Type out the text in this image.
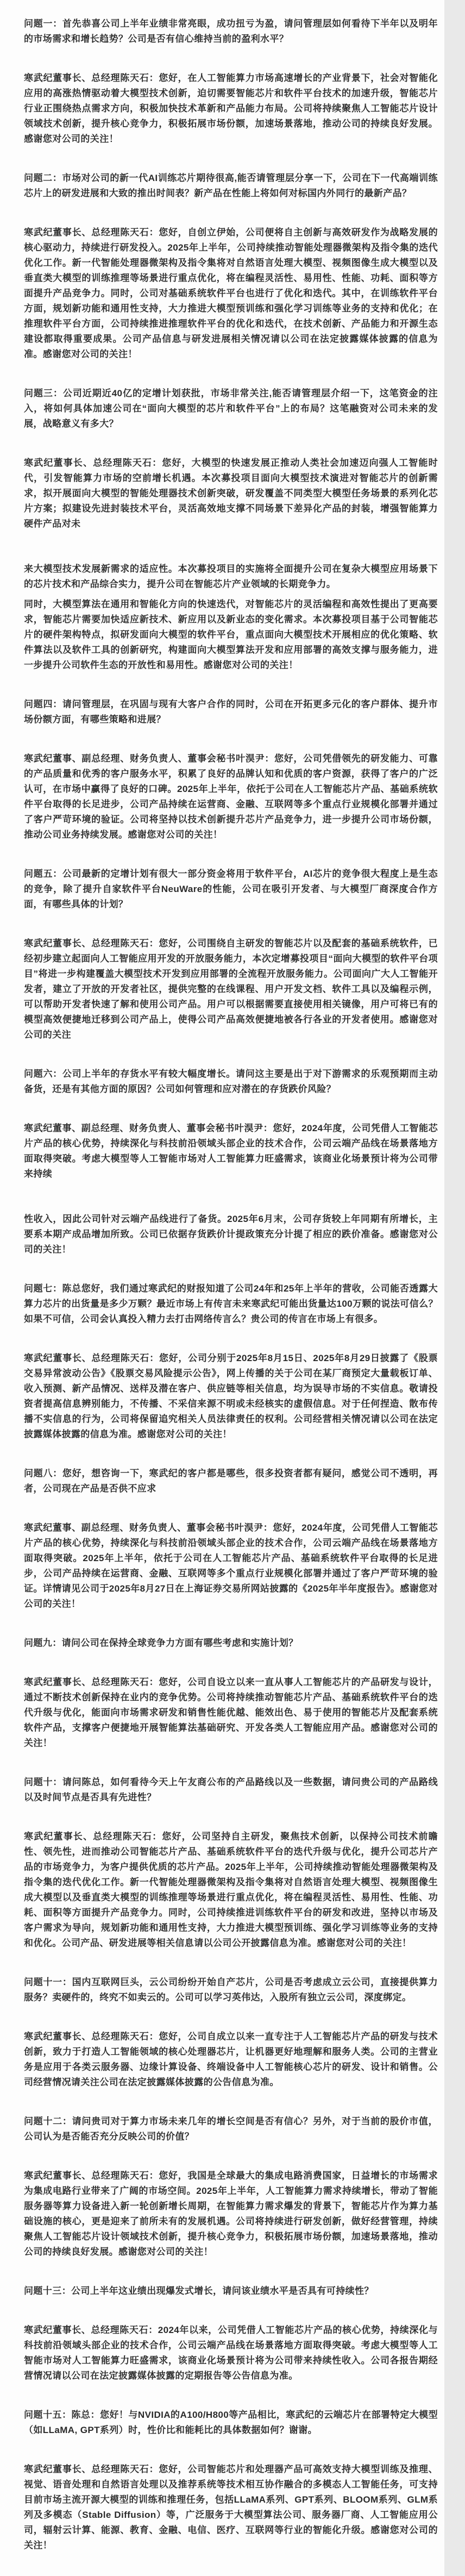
问题一：首先恭喜公司上半年业绩非常亮眼，成功扭亏为盈，请问管理层如何看待下半年以及明年的市场需求和增长趋势？公司是否有信心维持当前的盈利水平？

寒武纪董事长、总经理陈天石：您好，在人工智能算力市场高速增长的产业背景下，社会对智能化应用的高涨热情驱动着大模型技术创新，迫切需要智能芯片和软件平台技术的加速升级，智能芯片行业正围绕热点需求方向，积极加快技术革新和产品能力布局。公司将持续聚焦人工智能芯片设计领域技术创新，提升核心竞争力，积极拓展市场份额，加速场景落地，推动公司的持续良好发展。感谢您对公司的关注！

问题二：市场对公司的新一代AI训练芯片期待很高,能否请管理层分享一下，公司在下一代高端训练芯片上的研发进展和大致的推出时间表？新产品在性能上将如何对标国内外同行的最新产品？

寒武纪董事长、总经理陈天石：您好，自创立伊始，公司便将自主创新与高效研发作为战略发展的核心驱动力，持续进行研发投入。2025年上半年，公司持续推动智能处理器微架构及指令集的迭代优化工作。新一代智能处理器微架构及指令集将对自然语言处理大模型、视频图像生成大模型以及垂直类大模型的训练推理等场景进行重点优化，将在编程灵活性、易用性、性能、功耗、面积等方面提升产品竞争力。同时，公司对基础系统软件平台也进行了优化和迭代。其中，在训练软件平台方面，规划新功能和通用性支持，大力推进大模型预训练和强化学习训练等业务的支持和优化；在推理软件平台方面，公司持续推进推理软件平台的优化和迭代，在技术创新、产品能力和开源生态建设都取得重要成果。公司产品信息与研发进展相关情况请以公司在法定披露媒体披露的信息为准。感谢您对公司的关注！

问题三：公司近期近40亿的定增计划获批，市场非常关注,能否请管理层介绍一下，这笔资金的注入，将如何具体加速公司在“面向大模型的芯片和软件平台”上的布局？这笔融资对公司未来的发展，战略意义有多大？

寒武纪董事长、总经理陈天石：您好，大模型的快速发展正推动人类社会加速迈向强人工智能时代，引发智能算力市场的空前增长机遇。本次募投项目面向大模型技术演进对智能芯片的创新需求，拟开展面向大模型的智能处理器技术创新突破，研发覆盖不同类型大模型任务场景的系列化芯片方案；拟建设先进封装技术平台，灵活高效地支撑不同场景下差异化产品的封装，增强智能算力硬件产品对未

来大模型技术发展新需求的适应性。本次募投项目的实施将全面提升公司在复杂大模型应用场景下的芯片技术和产品综合实力，提升公司在智能芯片产业领域的长期竞争力。

同时，大模型算法在通用和智能化方向的快速迭代，对智能芯片的灵活编程和高效性提出了更高要求，智能芯片需要加快适应新技术、新应用以及新业态的变化需求。本次募投项目基于公司智能芯片的硬件架构特点，拟研发面向大模型的软件平台，重点面向大模型技术开展相应的优化策略、软件算法以及软件工具的创新研究，构建面向大模型算法开发和应用部署的高效支撑与服务能力，进一步提升公司软件生态的开放性和易用性。感谢您对公司的关注！

问题四：请问管理层，在巩固与现有大客户合作的同时，公司在开拓更多元化的客户群体、提升市场份额方面，有哪些策略和进展？

寒武纪董事、副总经理、财务负责人、董事会秘书叶淏尹：您好，公司凭借领先的研发能力、可靠的产品质量和优秀的客户服务水平，积累了良好的品牌认知和优质的客户资源，获得了客户的广泛认可，在市场中赢得了良好的口碑。2025年上半年，依托于公司在人工智能芯片产品、基础系统软件平台取得的长足进步，公司产品持续在运营商、金融、互联网等多个重点行业规模化部署并通过了客户严苛环境的验证。公司将坚持以技术创新提升芯片产品竞争力，进一步提升公司市场份额，推动公司业务持续发展。感谢您对公司的关注！

问题五：公司最新的定增计划有很大一部分资金将用于软件平台，AI芯片的竞争很大程度上是生态的竞争，除了提升自家软件平台NeuWare的性能，公司在吸引开发者、与大模型厂商深度合作方面，有哪些具体的计划？

寒武纪董事长、总经理陈天石：您好，公司围绕自主研发的智能芯片以及配套的基础系统软件，已经初步建立起面向人工智能应用开发的开放服务能力，本次定增募投项目“面向大模型的软件平台项目”将进一步构建覆盖大模型技术开发到应用部署的全流程开放服务能力。公司面向广大人工智能开发者，建立了开放的开发者社区，提供完整的在线课程、用户开发文档、软件工具以及编程示例，可以帮助开发者快速了解和使用公司产品。用户可以根据需要直接使用相关镜像，用户可将已有的模型高效便捷地迁移到公司产品上，使得公司产品高效便捷地被各行各业的开发者使用。感谢您对公司的关注

问题六：公司上半年的存货水平有较大幅度增长。请问这主要是出于对下游需求的乐观预期而主动备货，还是有其他方面的原因？公司如何管理和应对潜在的存货跌价风险？

寒武纪董事、副总经理、财务负责人、董事会秘书叶淏尹：您好，2024年度，公司凭借人工智能芯片产品的核心优势，持续深化与科技前沿领域头部企业的技术合作，公司云端产品线在场景落地方面取得突破。考虑大模型等人工智能市场对人工智能算力旺盛需求，该商业化场景预计将为公司带来持续

性收入，因此公司针对云端产品线进行了备货。2025年6月末，公司存货较上年同期有所增长，主要系本期产成品增加所致。公司已依据存货跌价计提政策充分计提了相应的跌价准备。感谢您对公司的关注！

问题七：陈总您好，我们通过寒武纪的财报知道了公司24年和25年上半年的营收，公司能否透露大算力芯片的出货量是多少万颗？最近市场上有传言未来寒武纪可能出货量达100万颗的说法可信么？如果不可信，公司会认真投入精力去打击网络传言么？贵公司的传言在市场上有很多。

寒武纪董事长、总经理陈天石：您好，公司分别于2025年8月15日、2025年8月29日披露了《股票交易异常波动公告》《股票交易风险提示公告》，网上传播的关于公司在某厂商预定大量载板订单、收入预测、新产品情况、送样及潜在客户、供应链等相关信息，均为误导市场的不实信息。敬请投资者提高信息辨别能力，不传播、不采信来源不明或未经核实的虚假信息。对于任何捏造、散布传播不实信息的行为，公司将保留追究相关人员法律责任的权利。公司经营相关情况请以公司在法定披露媒体披露的信息为准。感谢您对公司的关注！

问题八：您好，想咨询一下，寒武纪的客户都是哪些，很多投资者都有疑问，感觉公司不透明，再者，公司现在产品是否供不应求

寒武纪董事、副总经理、财务负责人、董事会秘书叶淏尹：您好，2024年度，公司凭借人工智能芯片产品的核心优势，持续深化与科技前沿领域头部企业的技术合作，公司云端产品线在场景落地方面取得突破。2025年上半年，依托于公司在人工智能芯片产品、基础系统软件平台取得的长足进步，公司产品持续在运营商、金融、互联网等多个重点行业规模化部署并通过了客户严苛环境的验证。详情请见公司于2025年8月27日在上海证券交易所网站披露的《2025年半年度报告》。感谢您对公司的关注！

问题九：请问公司在保持全球竞争力方面有哪些考虑和实施计划？

寒武纪董事长、总经理陈天石：您好，公司自设立以来一直从事人工智能芯片的产品研发与设计，通过不断技术创新保持在业内的竞争优势。公司将持续推动智能芯片产品、基础系统软件平台的迭代升级与优化，能面向市场需求研发和销售性能优越、能效出色、易于使用的智能芯片及配套系统软件产品，支撑客户便捷地开展智能算法基础研究、开发各类人工智能应用产品。感谢您对公司的关注！

问题十：请问陈总，如何看待今天上午友商公布的产品路线以及一些数据，请问贵公司的产品路线以及时间节点是否具有先进性？

寒武纪董事长、总经理陈天石：您好，公司坚持自主研发，聚焦技术创新，以保持公司技术前瞻性、领先性，进而推动公司智能芯片产品、基础系统软件平台的迭代升级与优化，提升公司芯片产品的市场竞争力，为客户提供优质的芯片产品。2025年上半年，公司持续推动智能处理器微架构及指令集的迭代优化工作。新一代智能处理器微架构及指令集将对自然语言处理大模型、视频图像生成大模型以及垂直类大模型的训练推理等场景进行重点优化，将在编程灵活性、易用性、性能、功耗、面积等方面提升产品竞争力。同时，公司持续推进训练软件平台的研发和改进，坚持以市场及客户需求为导向，规划新功能和通用性支持，大力推进大模型预训练、强化学习训练等业务的支持和优化。公司产品、研发进展等相关信息请以公司公开披露信息为准。感谢您对公司的关注！

问题十一：国内互联网巨头，云公司纷纷开始自产芯片，公司是否考虑成立云公司，直接提供算力服务？卖硬件的，终究不如卖云的。公司可以学习英伟达，入股所有独立云公司，深度绑定。

寒武纪董事长、总经理陈天石：您好，公司自成立以来一直专注于人工智能芯片产品的研发与技术创新，致力于打造人工智能领域的核心处理器芯片，让机器更好地理解和服务人类。公司的主营业务是应用于各类云服务器、边缘计算设备、终端设备中人工智能核心芯片的研发、设计和销售。公司经营情况请关注公司在法定披露媒体披露的公告信息为准。

问题十二：请问贵司对于算力市场未来几年的增长空间是否有信心？另外，对于当前的股价市值，公司认为是否能否充分反映公司的价值？

寒武纪董事长、总经理陈天石：您好，我国是全球最大的集成电路消费国家，日益增长的市场需求为集成电路行业带来了广阔的市场空间。2025年上半年，人工智能算力需求持续增长，带动了智能服务器等算力设备进入新一轮创新增长周期，在智能算力需求爆发的背景下，智能芯片作为算力基础设施的核心，更是迎来了前所未有的发展机遇。公司将持续进行研发创新，做好经营管理，持续聚焦人工智能芯片设计领域技术创新，提升核心竞争力，积极拓展市场份额，加速场景落地，推动公司的持续良好发展。感谢您对公司的关注！

问题十三：公司上半年这业绩出现爆发式增长，请问该业绩水平是否具有可持续性？

寒武纪董事长、总经理陈天石：2024年以来，公司凭借人工智能芯片产品的核心优势，持续深化与科技前沿领域头部企业的技术合作，公司云端产品线在场景落地方面取得突破。考虑大模型等人工智能市场对人工智能算力旺盛需求，该商业化场景预计将为公司带来持续性收入。公司各报告期经营情况请以公司在法定披露媒体披露的定期报告等公告信息为准。

问题十五：陈总：您好！与NVIDIA的A100/H800等产品相比，寒武纪的云端芯片在部署特定大模型（如LLaMA, GPT系列）时，性价比和能耗比的具体数据如何？谢谢。

寒武纪董事长、总经理陈天石：您好，公司智能芯片和处理器产品可高效支持大模型训练及推理、视觉、语音处理和自然语言处理以及推荐系统等技术相互协作融合的多模态人工智能任务，可支持目前市场主流开源大模型的训练和推理任务，包括LLaMA系列、GPT系列、BLOOM系列、GLM系列及多模态（Stable Diffusion）等，广泛服务于大模型算法公司、服务器厂商、人工智能应用公司，辐射云计算、能源、教育、金融、电信、医疗、互联网等行业的智能化升级。感谢您对公司的关注！
